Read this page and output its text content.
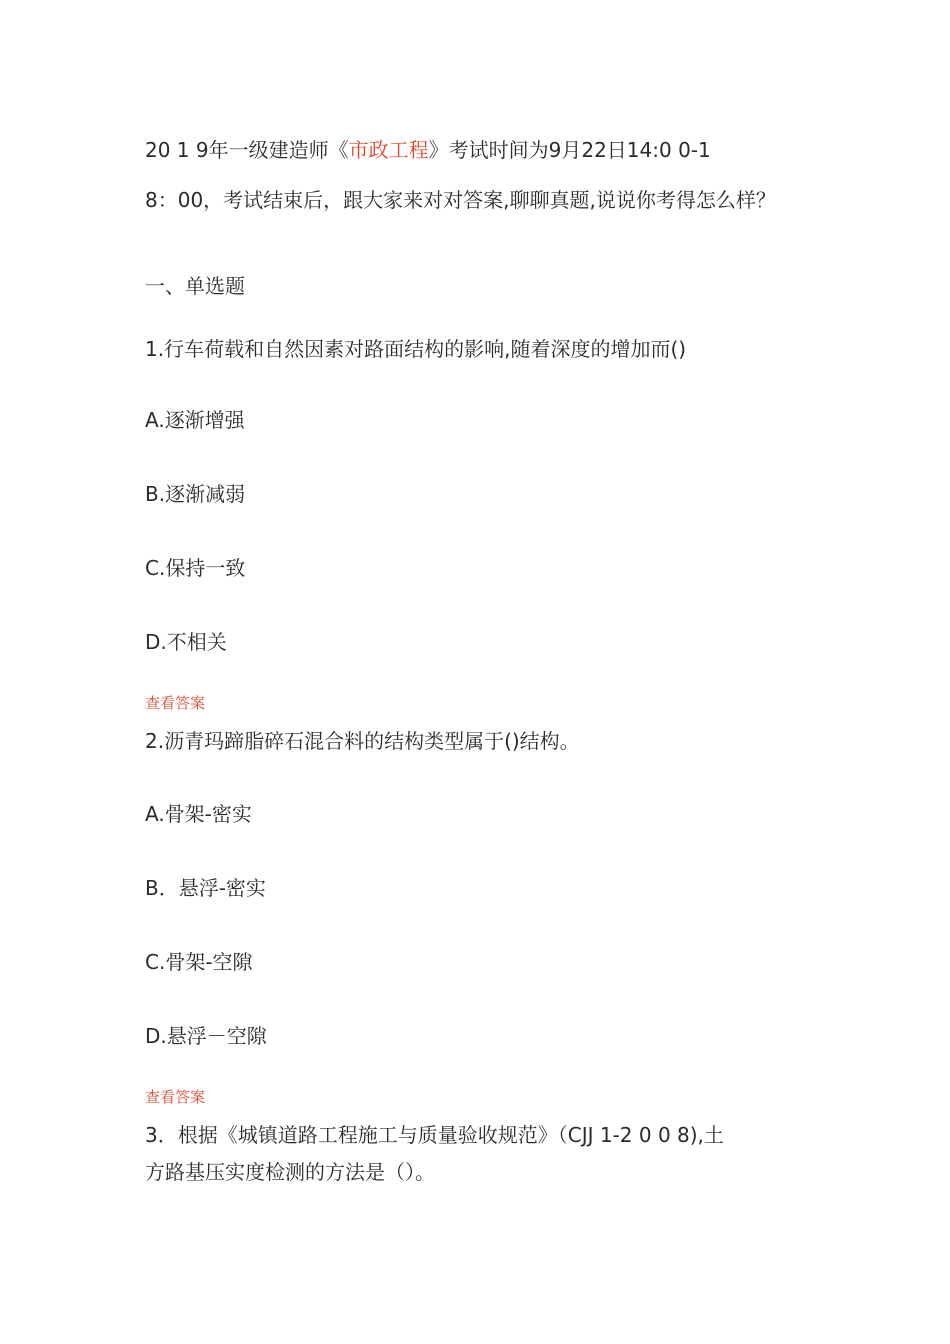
20 1 9年一级建造师《市政工程》考试时间为9月22日14:0 0-1
8：00，考试结束后，跟大家来对对答案,聊聊真题,说说你考得怎么样？
一、单选题
1.行车荷载和自然因素对路面结构的影响,随着深度的增加而()
A.逐渐增强
B.逐渐减弱
C.保持一致
D.不相关
查看答案
2.沥青玛蹄脂碎石混合料的结构类型属于()结构。
A.骨架-密实
B．悬浮-密实
C.骨架-空隙
D.悬浮－空隙
查看答案
3．根据《城镇道路工程施工与质量验收规范》（CJJ 1-2 0 0 8),土
方路基压实度检测的方法是（）。
